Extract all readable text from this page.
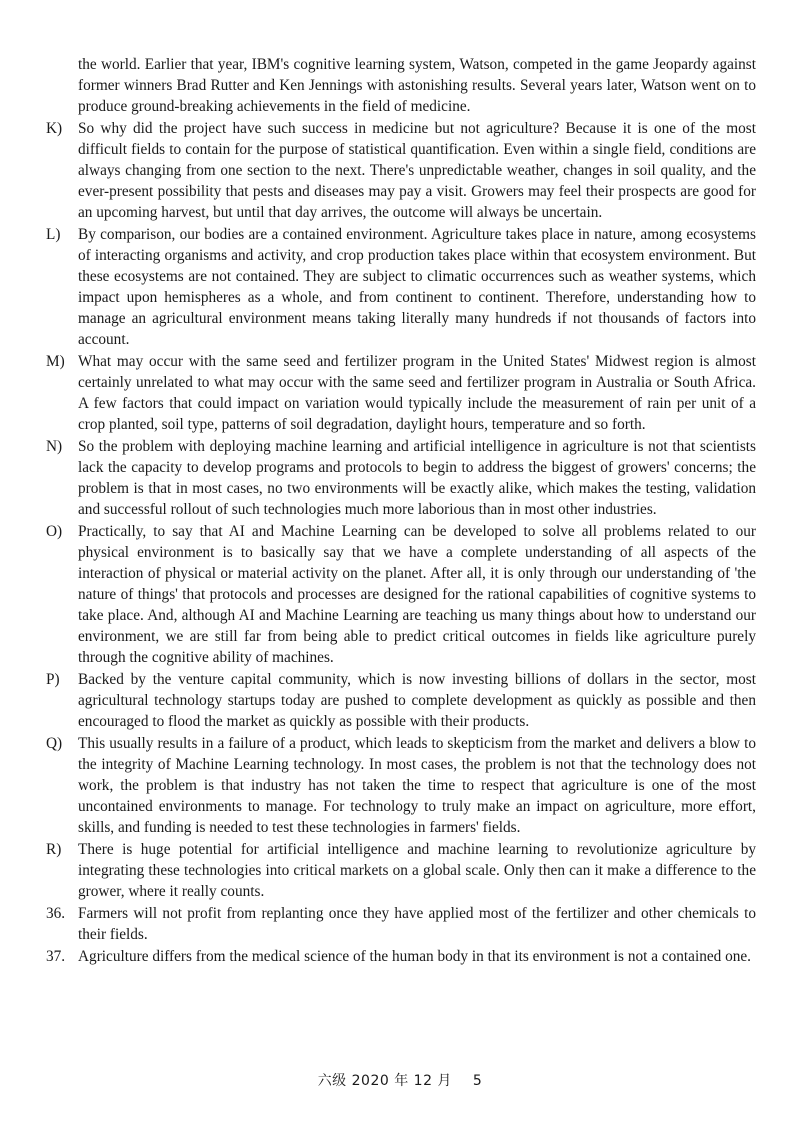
the world. Earlier that year, IBM's cognitive learning system, Watson, competed in the game Jeopardy against former winners Brad Rutter and Ken Jennings with astonishing results. Several years later, Watson went on to produce ground-breaking achievements in the field of medicine.
K)	So why did the project have such success in medicine but not agriculture? Because it is one of the most difficult fields to contain for the purpose of statistical quantification. Even within a single field, conditions are always changing from one section to the next. There's unpredictable weather, changes in soil quality, and the ever-present possibility that pests and diseases may pay a visit. Growers may feel their prospects are good for an upcoming harvest, but until that day arrives, the outcome will always be uncertain.
L)	By comparison, our bodies are a contained environment. Agriculture takes place in nature, among ecosystems of interacting organisms and activity, and crop production takes place within that ecosystem environment. But these ecosystems are not contained. They are subject to climatic occurrences such as weather systems, which impact upon hemispheres as a whole, and from continent to continent. Therefore, understanding how to manage an agricultural environment means taking literally many hundreds if not thousands of factors into account.
M) What may occur with the same seed and fertilizer program in the United States' Midwest region is almost certainly unrelated to what may occur with the same seed and fertilizer program in Australia or South Africa. A few factors that could impact on variation would typically include the measurement of rain per unit of a crop planted, soil type, patterns of soil degradation, daylight hours, temperature and so forth.
N)	So the problem with deploying machine learning and artificial intelligence in agriculture is not that scientists lack the capacity to develop programs and protocols to begin to address the biggest of growers' concerns; the problem is that in most cases, no two environments will be exactly alike, which makes the testing, validation and successful rollout of such technologies much more laborious than in most other industries.
O)	Practically, to say that AI and Machine Learning can be developed to solve all problems related to our physical environment is to basically say that we have a complete understanding of all aspects of the interaction of physical or material activity on the planet. After all, it is only through our understanding of 'the nature of things' that protocols and processes are designed for the rational capabilities of cognitive systems to take place. And, although AI and Machine Learning are teaching us many things about how to understand our environment, we are still far from being able to predict critical outcomes in fields like agriculture purely through the cognitive ability of machines.
P)	Backed by the venture capital community, which is now investing billions of dollars in the sector, most agricultural technology startups today are pushed to complete development as quickly as possible and then encouraged to flood the market as quickly as possible with their products.
Q)	This usually results in a failure of a product, which leads to skepticism from the market and delivers a blow to the integrity of Machine Learning technology. In most cases, the problem is not that the technology does not work, the problem is that industry has not taken the time to respect that agriculture is one of the most uncontained environments to manage. For technology to truly make an impact on agriculture, more effort, skills, and funding is needed to test these technologies in farmers' fields.
R)	There is huge potential for artificial intelligence and machine learning to revolutionize agriculture by integrating these technologies into critical markets on a global scale. Only then can it make a difference to the grower, where it really counts.
36. Farmers will not profit from replanting once they have applied most of the fertilizer and other chemicals to their fields.
37. Agriculture differs from the medical science of the human body in that its environment is not a contained one.
六级 2020 年 12 月 5
